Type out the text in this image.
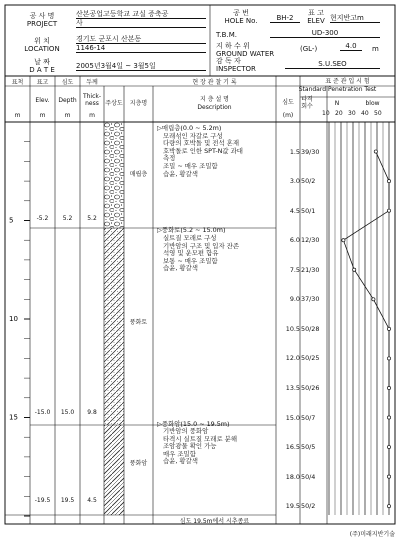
5
10
15
공 사 명
PROJECT
산본공업고등학교 교실 증축공
사
위 치
LOCATION
경기도 군포시 산본동
1146-14
날 짜
D A T E	2005년3월4일 ~ 3월5일
공 번
HOLE No.	BH-2
표 고
ELEV 현지반고m
T.B.M.	UD-300
지 하 수 위
GROUND WATER
(GL-)	4.0	m
감 독 자
INSPECTOR
S.U.SEO
표척	표고	심도	두께	현 장 관 찰 기 록
Elev.	Depth
Thick-ness	주상도	지층명
지 층 설 명
Description
m	m	m	m
표 준 관 입 시 험
Standard Penetration Test
심도
(m)
타격회수	N	blow
10 20 30 40 50
-5.2	5.2	5.2
매립층
▷매립층(0.0 ~ 5.2m)
모래섞인 자갈로 구성
다량의 호박돌 및 전석 혼재
호박돌로 인한 SPT-N값 과대
측정
조밀 ~ 매우 조밀함
습윤, 황갈색
-15.0	15.0	9.8
풍화토
▷풍화토(5.2 ~ 15.0m)
실트질 모래로 구성
기반암의 구조 및 입자 잔존
석영 및 운모편 함유
보통 ~ 매우 조밀함
습윤, 황갈색
-19.5	19.5	4.5
풍화암
▷풍화암(15.0 ~ 19.5m)
기반암의 풍화암
타격시 실트질 모래로 분해
조암광물 확인 가능
매우 조밀함
습윤, 황갈색
1.5 39/30
3.0 50/2
4.5 50/1
6.0 12/30
7.5 21/30
9.0 37/30
10.5 50/28
12.0 50/25
13.5 50/26
15.0 50/7
16.5 50/5
18.0 50/4
19.5 50/2
심도 19.5m에서 시추종료
(주)미래지반기술
